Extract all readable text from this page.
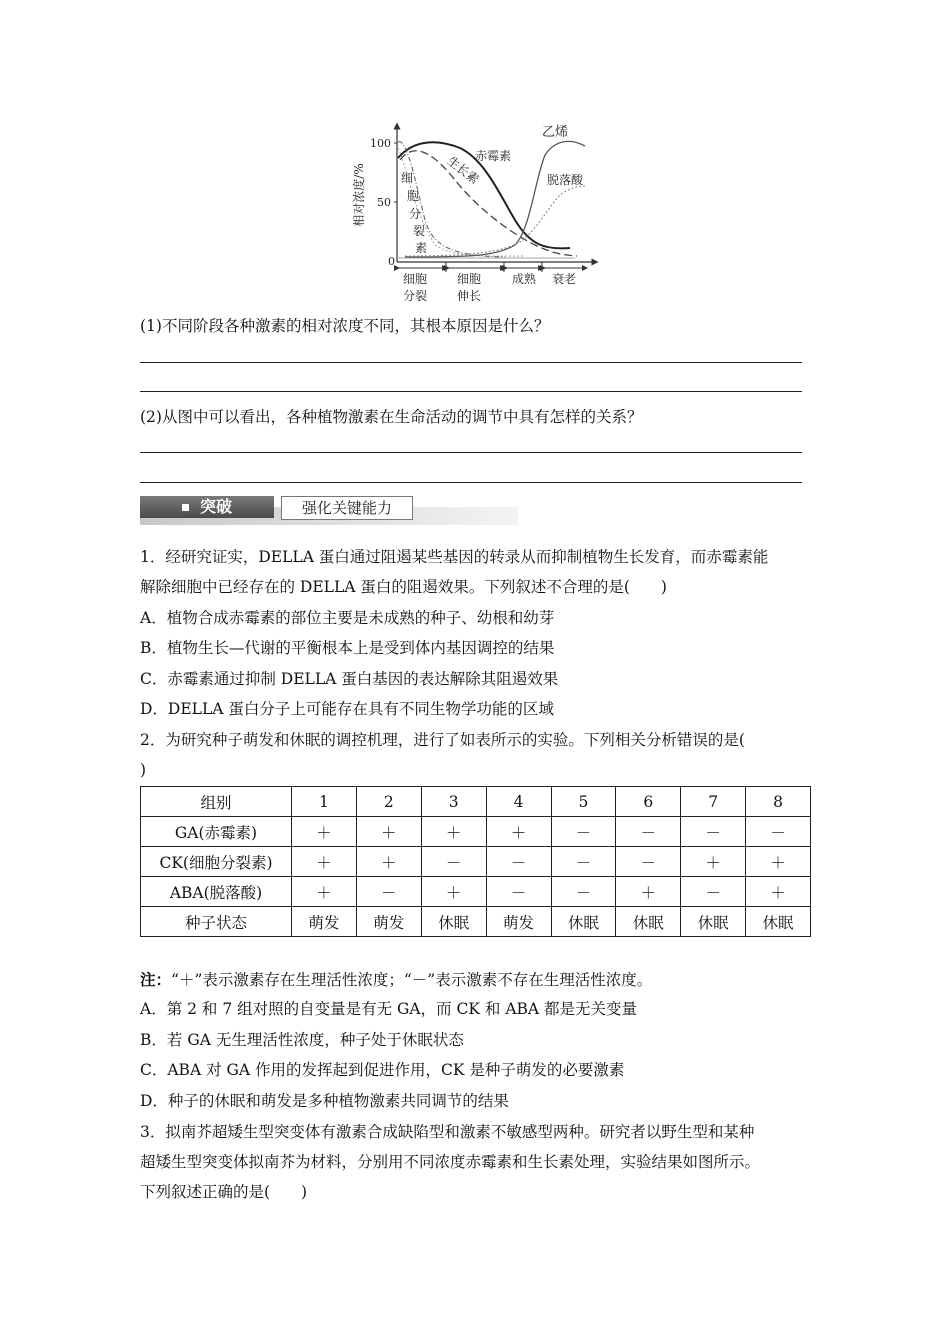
相对浓度/%
100
50
0
乙烯
赤霉素
生长素	脱落酸
细
胞
分
裂
素
细胞
分裂
细胞
伸长
成熟 衰老
(1)不同阶段各种激素的相对浓度不同，其根本原因是什么？
(2)从图中可以看出，各种植物激素在生命活动的调节中具有怎样的关系？
突破	强化关键能力
1．经研究证实，DELLA 蛋白通过阻遏某些基因的转录从而抑制植物生长发育，而赤霉素能
解除细胞中已经存在的 DELLA 蛋白的阻遏效果。下列叙述不合理的是(　　)
A．植物合成赤霉素的部位主要是未成熟的种子、幼根和幼芽
B．植物生长—代谢的平衡根本上是受到体内基因调控的结果
C．赤霉素通过抑制 DELLA 蛋白基因的表达解除其阻遏效果
D．DELLA 蛋白分子上可能存在具有不同生物学功能的区域
2．为研究种子萌发和休眠的调控机理，进行了如表所示的实验。下列相关分析错误的是(
)
组别	1	2	3	4	5	6	7	8
GA(赤霉素)	＋	＋	＋	＋	－	－	－	－
CK(细胞分裂素)	＋	＋	－	－	－	－	＋	＋
ABA(脱落酸)	＋	－	＋	－	－	＋	－	＋
种子状态	萌发	萌发	休眠	萌发	休眠	休眠	休眠	休眠
注：“＋”表示激素存在生理活性浓度；“－”表示激素不存在生理活性浓度。
A．第 2 和 7 组对照的自变量是有无 GA，而 CK 和 ABA 都是无关变量
B．若 GA 无生理活性浓度，种子处于休眠状态
C．ABA 对 GA 作用的发挥起到促进作用，CK 是种子萌发的必要激素
D．种子的休眠和萌发是多种植物激素共同调节的结果
3．拟南芥超矮生型突变体有激素合成缺陷型和激素不敏感型两种。研究者以野生型和某种
超矮生型突变体拟南芥为材料，分别用不同浓度赤霉素和生长素处理，实验结果如图所示。
下列叙述正确的是(　　)
